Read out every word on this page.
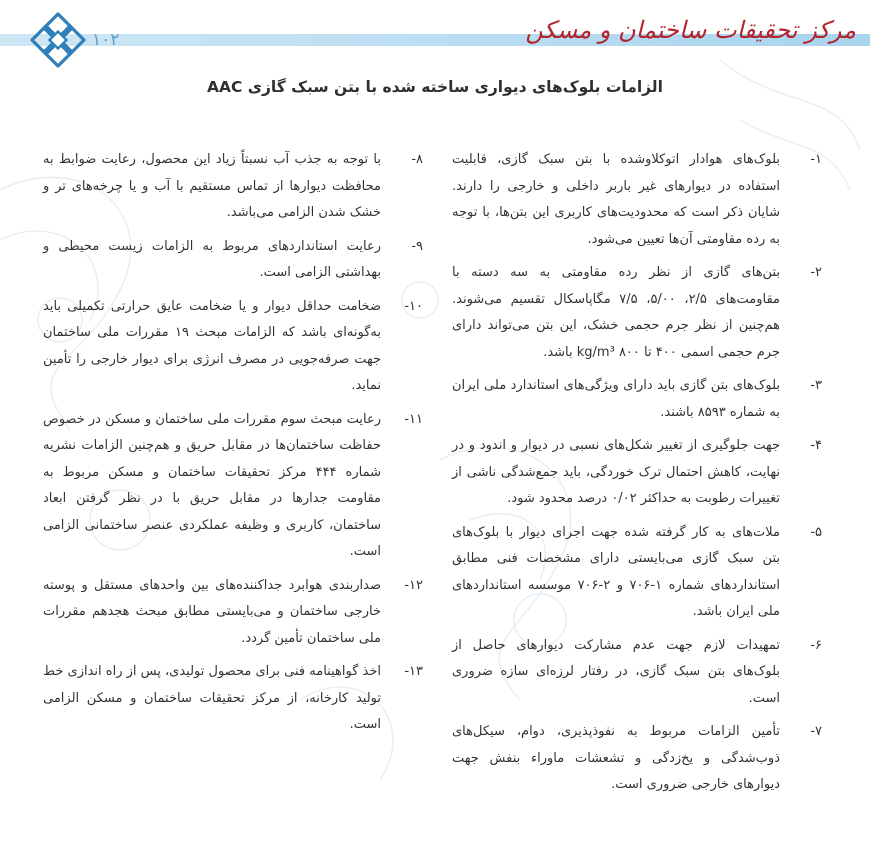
۱۰۲	مرکز تحقیقات ساختمان و مسکن
الزامات بلوک‌های دیواری ساخته شده با بتن سبک گازی AAC
۱-
بلوک‌های هوادار اتوکلاوشده با بتن سبک گازی، قابلیت استفاده در دیوارهای غیر باربر داخلی و خارجی را دارند. شایان ذکر است که محدودیت‌های کاربری این بتن‌ها، با توجه به رده مقاومتی آن‌ها تعیین می‌شود.
۲-
بتن‌های گازی از نظر رده مقاومتی به سه دسته با مقاومت‌های ۲/۵، ۵/۰۰، ۷/۵ مگاپاسکال تقسیم می‌شوند. هم‌چنین از نظر جرم حجمی خشک، این بتن می‌تواند دارای جرم حجمی اسمی ۴۰۰ تا ۸۰۰ kg/m³ باشد.
۳-
بلوک‌های بتن گازی باید دارای ویژگی‌های استاندارد ملی ایران به شماره ۸۵۹۳ باشند.
۴-
جهت جلوگیری از تغییر شکل‌های نسبی در دیوار و اندود و در نهایت، کاهش احتمال ترک خوردگی، باید جمع‌شدگی ناشی از تغییرات رطوبت به حداکثر ۰/۰۲ درصد محدود شود.
۵-
ملات‌های به کار گرفته شده جهت اجرای دیوار با بلوک‌های بتن سبک گازی می‌بایستی دارای مشخصات فنی مطابق استانداردهای شماره ۱-۷۰۶ و ۲-۷۰۶ موسسه استانداردهای ملی ایران باشد.
۶-
تمهیدات لازم جهت عدم مشارکت دیوارهای حاصل از بلوک‌های بتن سبک گازی، در رفتار لرزه‌ای سازه ضروری است.
۷-
تأمین الزامات مربوط به نفوذپذیری، دوام، سیکل‌های ذوب‌شدگی و یخ‌زدگی و تشعشات ماوراء بنفش جهت دیوارهای خارجی ضروری است.
۸-
با توجه به جذب آب نسبتاً زیاد این محصول، رعایت ضوابط به محافظت دیوارها از تماس مستقیم با آب و یا چرخه‌های تر و خشک شدن الزامی می‌باشد.
۹-
رعایت استانداردهای مربوط به الزامات زیست محیطی و بهداشتی الزامی است.
۱۰-
ضخامت حداقل دیوار و یا ضخامت عایق حرارتی تکمیلی باید به‌گونه‌ای باشد که الزامات مبحث ۱۹ مقررات ملی ساختمان جهت صرفه‌جویی در مصرف انرژی برای دیوار خارجی را تأمین نماید.
۱۱-
رعایت مبحث سوم مقررات ملی ساختمان و مسکن در خصوص حفاظت ساختمان‌ها در مقابل حریق و هم‌چنین الزامات نشریه شماره ۴۴۴ مرکز تحقیقات ساختمان و مسکن مربوط به مقاومت جدارها در مقابل حریق با در نظر گرفتن ابعاد ساختمان، کاربری و وظیفه عملکردی عنصر ساختمانی الزامی است.
۱۲-
صداربندی هوابرد جداکننده‌های بین واحدهای مستقل و پوسته خارجی ساختمان و می‌بایستی مطابق مبحث هجدهم مقررات ملی ساختمان تأمین گردد.
۱۳-
اخذ گواهینامه فنی برای محصول تولیدی، پس از راه اندازی خط تولید کارخانه، از مرکز تحقیقات ساختمان و مسکن الزامی است.
